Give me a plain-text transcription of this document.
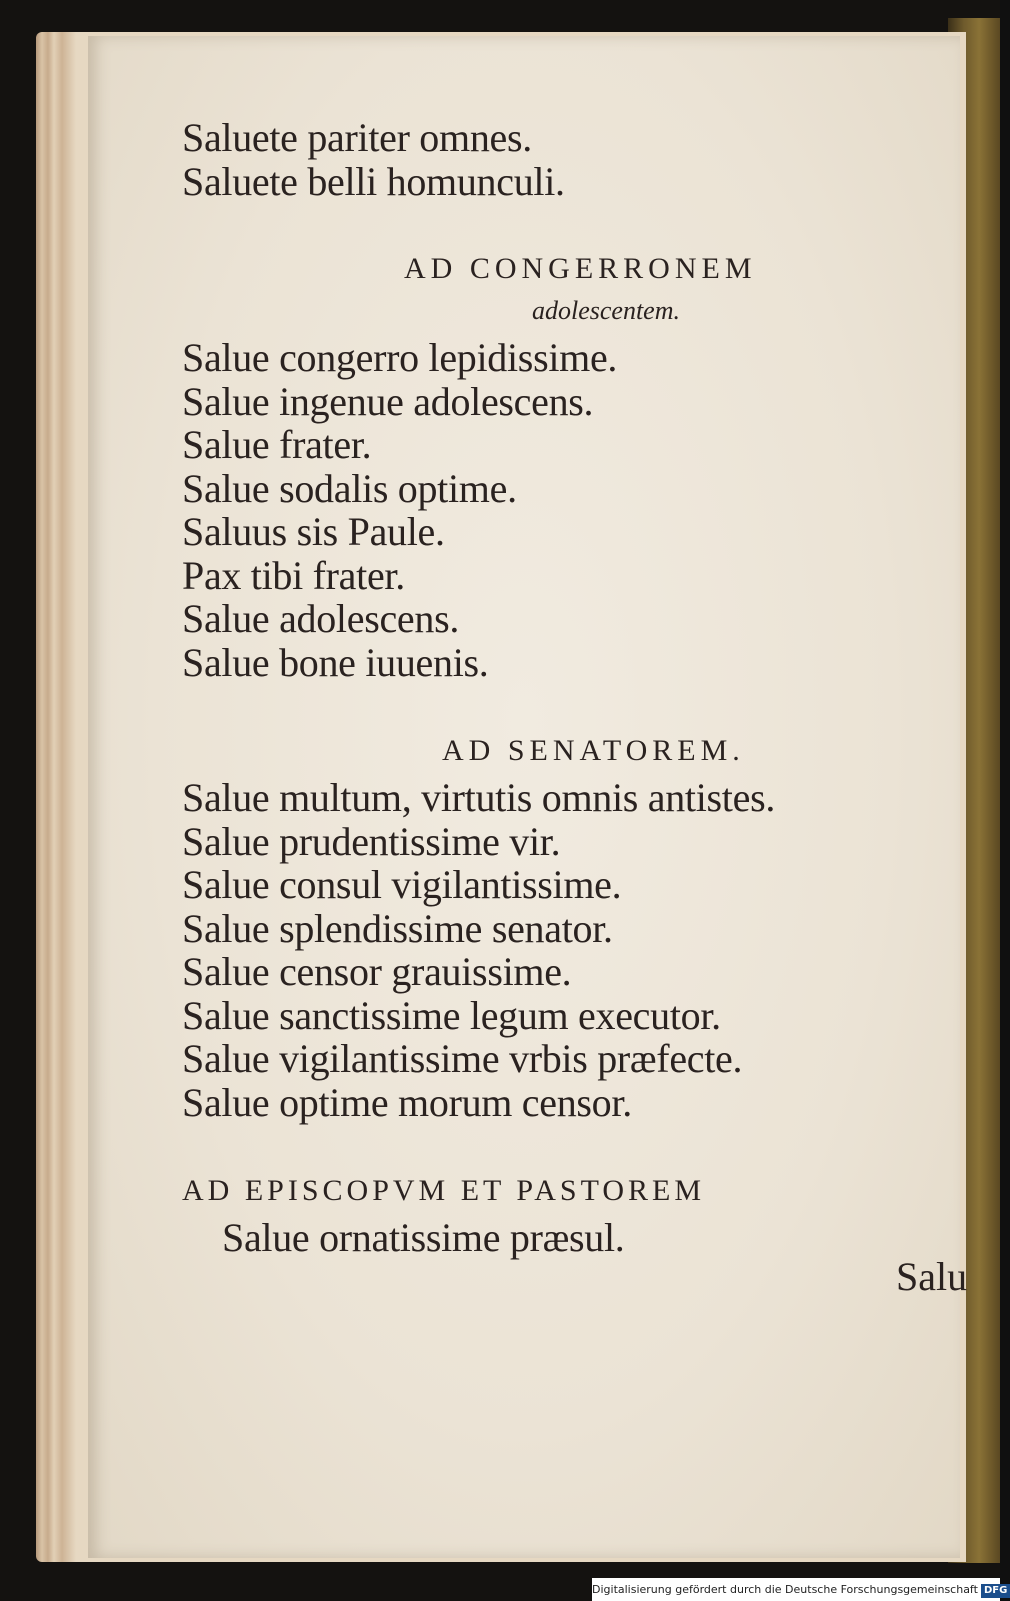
Saluete pariter omnes.
Saluete belli homunculi.
AD CONGERRONEM
adolescentem.
Salue congerro lepidissime.
Salue ingenue adolescens.
Salue frater.
Salue sodalis optime.
Saluus sis Paule.
Pax tibi frater.
Salue adolescens.
Salue bone iuuenis.
AD SENATOREM.
Salue multum, virtutis omnis antistes.
Salue prudentissime vir.
Salue consul vigilantissime.
Salue splendissime senator.
Salue censor grauissime.
Salue sanctissime legum executor.
Salue vigilantissime vrbis præfecte.
Salue optime morum censor.
AD EPISCOPVM ET PASTOREM
Salue ornatissime præsul.
Salu
Digitalisierung gefördert durch die Deutsche Forschungsgemeinschaft DFG
